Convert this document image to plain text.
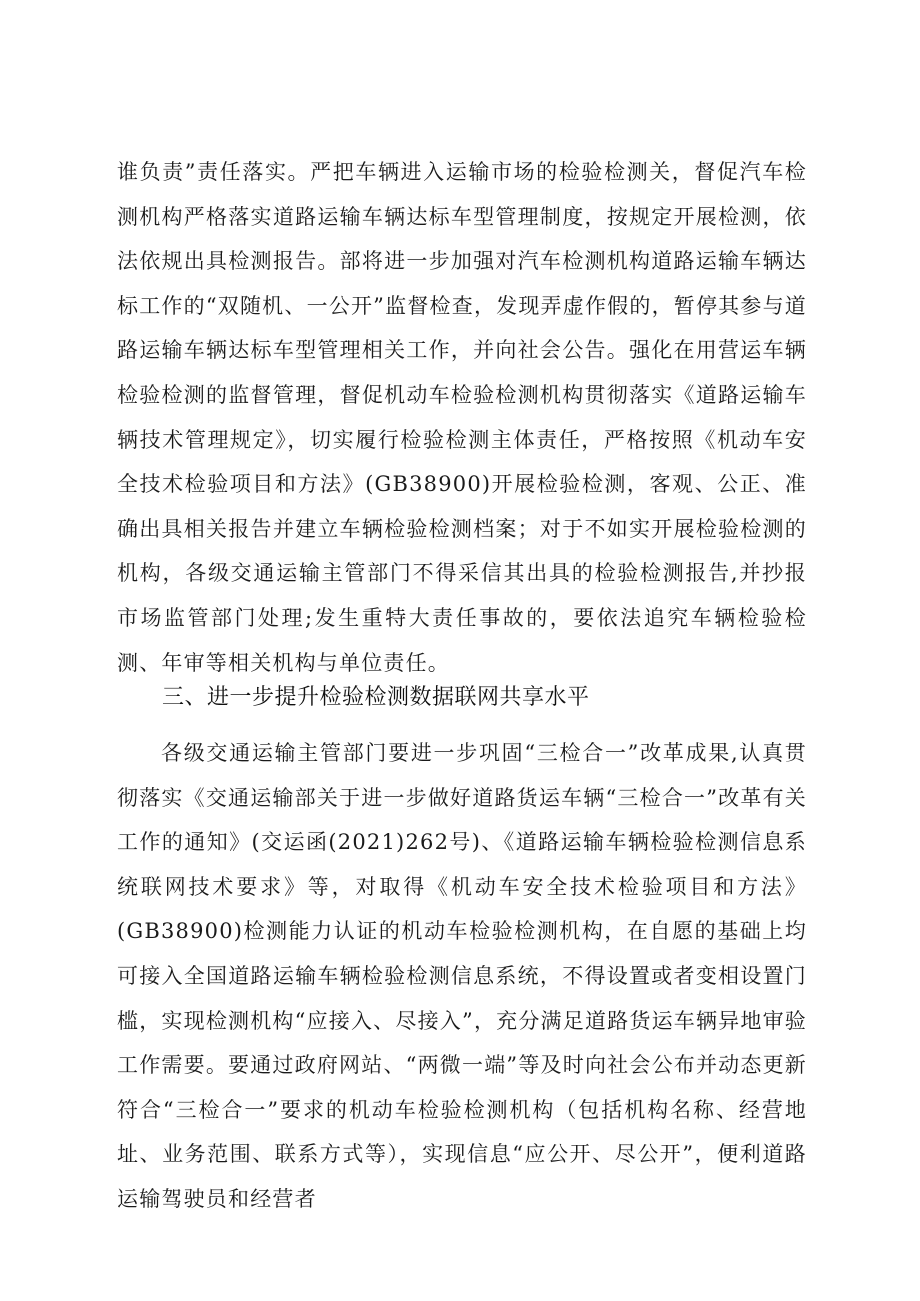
谁负责”责任落实。严把车辆进入运输市场的检验检测关，督促汽车检测机构严格落实道路运输车辆达标车型管理制度，按规定开展检测，依法依规出具检测报告。部将进一步加强对汽车检测机构道路运输车辆达标工作的“双随机、一公开”监督检查，发现弄虚作假的，暂停其参与道路运输车辆达标车型管理相关工作，并向社会公告。强化在用营运车辆检验检测的监督管理，督促机动车检验检测机构贯彻落实《道路运输车辆技术管理规定》，切实履行检验检测主体责任，严格按照《机动车安全技术检验项目和方法》(GB38900)开展检验检测，客观、公正、准确出具相关报告并建立车辆检验检测档案；对于不如实开展检验检测的机构，各级交通运输主管部门不得采信其出具的检验检测报告,并抄报市场监管部门处理;发生重特大责任事故的，要依法追究车辆检验检测、年审等相关机构与单位责任。

三、进一步提升检验检测数据联网共享水平

各级交通运输主管部门要进一步巩固“三检合一”改革成果,认真贯彻落实《交通运输部关于进一步做好道路货运车辆“三检合一”改革有关工作的通知》(交运函(2021)262号)、《道路运输车辆检验检测信息系统联网技术要求》等，对取得《机动车安全技术检验项目和方法》(GB38900)检测能力认证的机动车检验检测机构，在自愿的基础上均可接入全国道路运输车辆检验检测信息系统，不得设置或者变相设置门槛，实现检测机构“应接入、尽接入”，充分满足道路货运车辆异地审验工作需要。要通过政府网站、“两微一端”等及时向社会公布并动态更新符合“三检合一”要求的机动车检验检测机构（包括机构名称、经营地址、业务范围、联系方式等），实现信息“应公开、尽公开”，便利道路运输驾驶员和经营者
